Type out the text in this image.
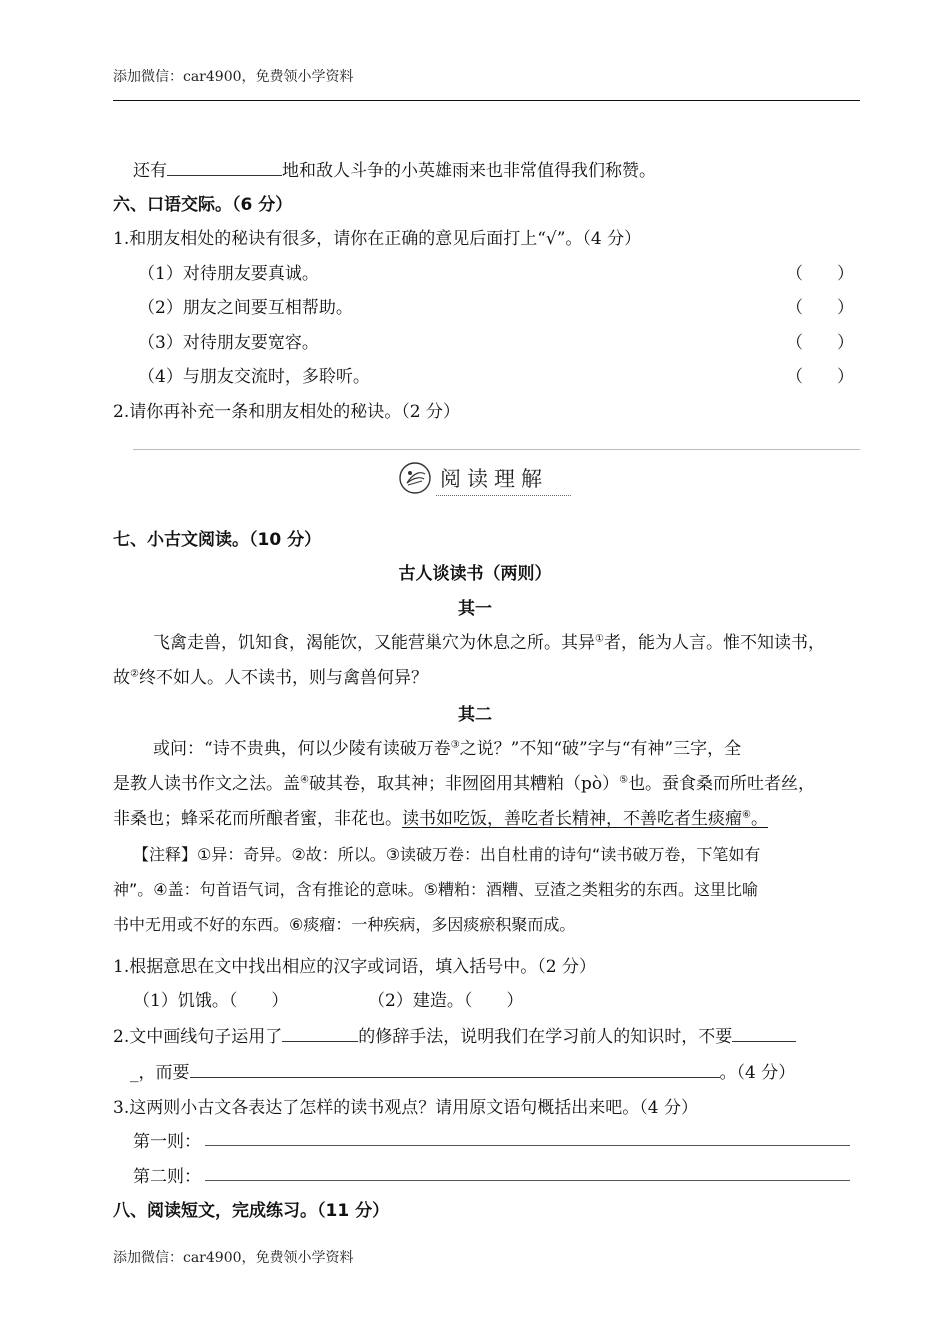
添加微信：car4900，免费领小学资料
还有	地和敌人斗争的小英雄雨来也非常值得我们称赞。
六、口语交际。（6 分）
1.和朋友相处的秘诀有很多，请你在正确的意见后面打上“√”。（4 分）
（1）对待朋友要真诚。	（　　）
（2）朋友之间要互相帮助。	（　　）
（3）对待朋友要宽容。	（　　）
（4）与朋友交流时，多聆听。	（　　）
2.请你再补充一条和朋友相处的秘诀。（2 分）
阅读理解
七、小古文阅读。（10 分）
古人谈读书（两则）
其一
飞禽走兽，饥知食，渴能饮，又能营巢穴为休息之所。其异①者，能为人言。惟不知读书，
故②终不如人。人不读书，则与禽兽何异？
其二
或问：“诗不贵典，何以少陵有读破万卷③之说？”不知“破”字与“有神”三字，全
是教人读书作文之法。盖④破其卷，取其神；非囫囵用其糟粕（pò）⑤也。蚕食桑而所吐者丝，
非桑也；蜂采花而所酿者蜜，非花也。读书如吃饭，善吃者长精神，不善吃者生痰瘤⑥。
【注释】①异：奇异。②故：所以。③读破万卷：出自杜甫的诗句“读书破万卷，下笔如有
神”。④盖：句首语气词，含有推论的意味。⑤糟粕：酒糟、豆渣之类粗劣的东西。这里比喻
书中无用或不好的东西。⑥痰瘤：一种疾病，多因痰瘀积聚而成。
1.根据意思在文中找出相应的汉字或词语，填入括号中。（2 分）
（1）饥饿。（　　）	（2）建造。（　　）
2.文中画线句子运用了	的修辞手法，说明我们在学习前人的知识时，不要
_，而要	。（4 分）
3.这两则小古文各表达了怎样的读书观点？请用原文语句概括出来吧。（4 分）
第一则：
第二则：
八、阅读短文，完成练习。（11 分）
添加微信：car4900，免费领小学资料
